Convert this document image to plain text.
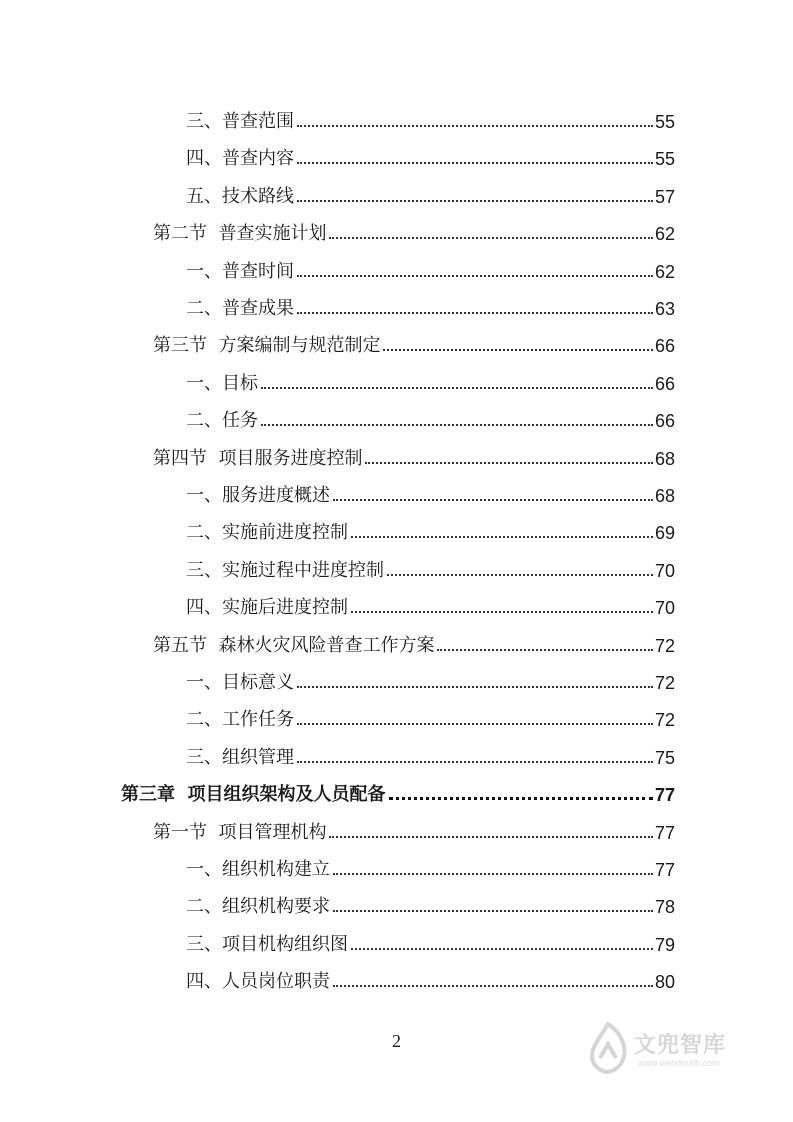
三、普查范围	55
四、普查内容	55
五、技术路线	57
第二节  普查实施计划	62
一、普查时间	62
二、普查成果	63
第三节  方案编制与规范制定	66
一、目标	66
二、任务	66
第四节  项目服务进度控制	68
一、服务进度概述	68
二、实施前进度控制	69
三、实施过程中进度控制	70
四、实施后进度控制	70
第五节  森林火灾风险普查工作方案	72
一、目标意义	72
二、工作任务	72
三、组织管理	75
第三章  项目组织架构及人员配备	77
第一节  项目管理机构	77
一、组织机构建立	77
二、组织机构要求	78
三、项目机构组织图	79
四、人员岗位职责	80
2	文兜智库
www.wendoulib.com
